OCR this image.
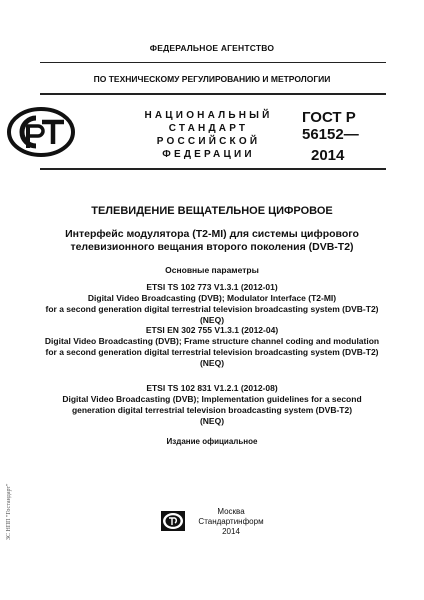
ФЕДЕРАЛЬНОЕ АГЕНТСТВО
ПО ТЕХНИЧЕСКОМУ РЕГУЛИРОВАНИЮ И МЕТРОЛОГИИ
НАЦИОНАЛЬНЫЙ
СТАНДАРТ
РОССИЙСКОЙ
ФЕДЕРАЦИИ
ГОСТ Р
56152—
2014
ТЕЛЕВИДЕНИЕ ВЕЩАТЕЛЬНОЕ ЦИФРОВОЕ
Интерфейс модулятора (Т2-MI) для системы цифрового
телевизионного вещания второго поколения (DVB-T2)
Основные параметры
ETSI TS 102 773 V1.3.1 (2012-01)
Digital Video Broadcasting (DVB); Modulator Interface (T2-MI)
for a second generation digital terrestrial television broadcasting system (DVB-T2)
(NEQ)
ETSI EN 302 755 V1.3.1 (2012-04)
Digital Video Broadcasting (DVB); Frame structure channel coding and modulation
for a second generation digital terrestrial television broadcasting system (DVB-T2)
(NEQ)
ETSI TS 102 831 V1.2.1 (2012-08)
Digital Video Broadcasting (DVB); Implementation guidelines for a second
generation digital terrestrial television broadcasting system (DVB-T2)
(NEQ)
Издание официальное
Москва
Стандартинформ
2014
ЗС НПП "Гостандарт"
